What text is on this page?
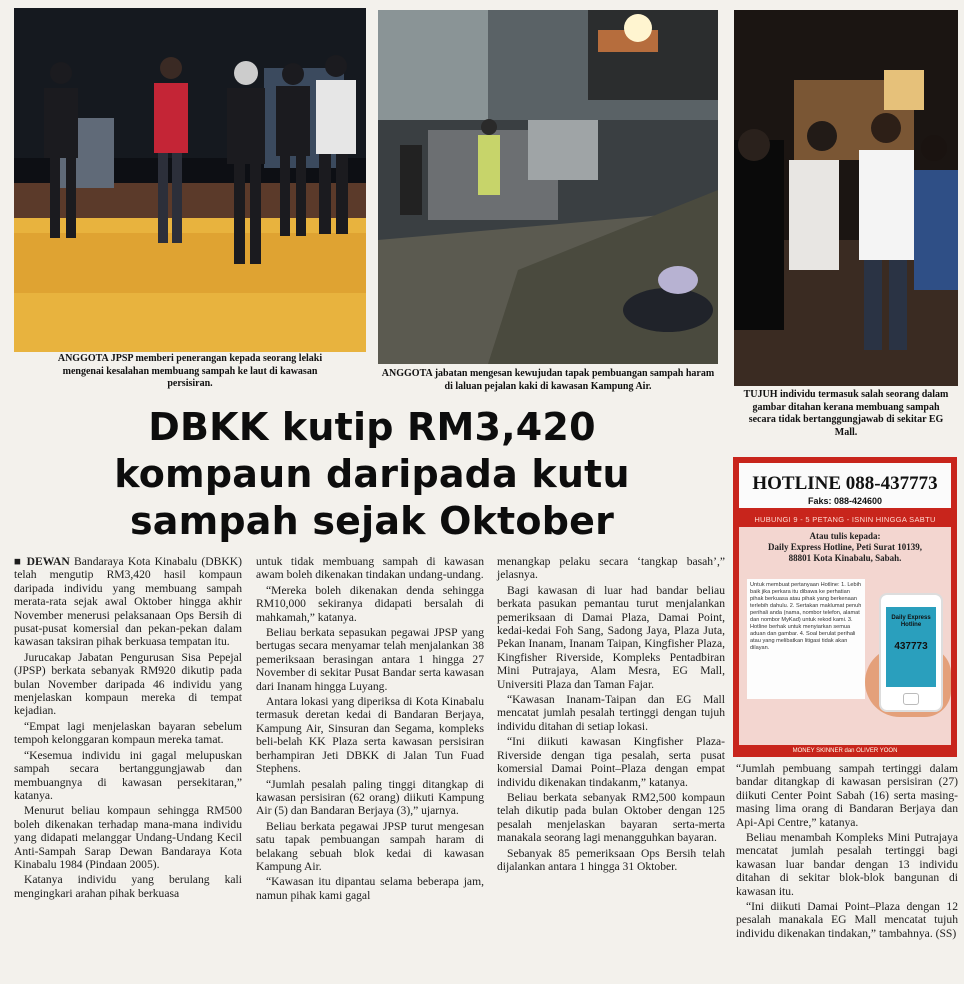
ANGGOTA JPSP memberi penerangan kepada seorang lelaki mengenai kesalahan membuang sampah ke laut di kawasan persisiran.
ANGGOTA jabatan mengesan kewujudan tapak pembuangan sampah haram di laluan pejalan kaki di kawasan Kampung Air.
TUJUH individu termasuk salah seorang dalam gambar ditahan kerana membuang sampah secara tidak bertanggungjawab di sekitar EG Mall.
DBKK kutip RM3,420
kompaun daripada kutu
sampah sejak Oktober

■ DEWAN Bandaraya Kota Kinabalu (DBKK) telah mengutip RM3,420 hasil kompaun daripada individu yang membuang sampah merata-rata sejak awal Oktober hingga akhir November menerusi pelaksanaan Ops Bersih di pusat-pusat komersial dan pekan-pekan dalam kawasan taksiran pihak berkuasa tempatan itu.

Jurucakap Jabatan Pengurusan Sisa Pepejal (JPSP) berkata sebanyak RM920 dikutip pada bulan November daripada 46 individu yang menjelaskan kompaun mereka di tempat kejadian.

“Empat lagi menjelaskan bayaran sebelum tempoh kelonggaran kompaun mereka tamat.

“Kesemua individu ini gagal melupuskan sampah secara bertanggungjawab dan membuangnya di kawasan persekitaran,” katanya.

Menurut beliau kompaun sehingga RM500 boleh dikenakan terhadap mana-mana individu yang didapati melanggar Undang-Undang Kecil Anti-Sampah Sarap Dewan Bandaraya Kota Kinabalu 1984 (Pindaan 2005).

Katanya individu yang berulang kali mengingkari arahan pihak berkuasa

untuk tidak membuang sampah di kawasan awam boleh dikenakan tindakan undang-undang.

“Mereka boleh dikenakan denda sehingga RM10,000 sekiranya didapati bersalah di mahkamah,” katanya.

Beliau berkata sepasukan pegawai JPSP yang bertugas secara menyamar telah menjalankan 38 pemeriksaan berasingan antara 1 hingga 27 November di sekitar Pusat Bandar serta kawasan dari Inanam hingga Luyang.

Antara lokasi yang diperiksa di Kota Kinabalu termasuk deretan kedai di Bandaran Berjaya, Kampung Air, Sinsuran dan Segama, kompleks beli-belah KK Plaza serta kawasan persisiran berhampiran Jeti DBKK di Jalan Tun Fuad Stephens.

“Jumlah pesalah paling tinggi ditangkap di kawasan persisiran (62 orang) diikuti Kampung Air (5) dan Bandaran Berjaya (3),” ujarnya.

Beliau berkata pegawai JPSP turut mengesan satu tapak pembuangan sampah haram di belakang sebuah blok kedai di kawasan Kampung Air.

“Kawasan itu dipantau selama beberapa jam, namun pihak kami gagal

menangkap pelaku secara ‘tangkap basah’,” jelasnya.

Bagi kawasan di luar had bandar beliau berkata pasukan pemantau turut menjalankan pemeriksaan di Damai Plaza, Damai Point, kedai-kedai Foh Sang, Sadong Jaya, Plaza Juta, Pekan Inanam, Inanam Taipan, Kingfisher Plaza, Kingfisher Riverside, Kompleks Pentadbiran Mini Putrajaya, Alam Mesra, EG Mall, Universiti Plaza dan Taman Fajar.

“Kawasan Inanam-Taipan dan EG Mall mencatat jumlah pesalah tertinggi dengan tujuh individu ditahan di setiap lokasi.

“Ini diikuti kawasan Kingfisher Plaza-Riverside dengan tiga pesalah, serta pusat komersial Damai Point–Plaza dengan empat individu dikenakan tindakanm,” katanya.

Beliau berkata sebanyak RM2,500 kompaun telah dikutip pada bulan Oktober dengan 125 pesalah menjelaskan bayaran serta-merta manakala seorang lagi menangguhkan bayaran.

Sebanyak 85 pemeriksaan Ops Bersih telah dijalankan antara 1 hingga 31 Oktober.

HOTLINE 088-437773
Faks: 088-424600
HUBUNGI 9 - 5 PETANG - ISNIN HINGGA SABTU
Atau tulis kepada:
Daily Express Hotline, Peti Surat 10139,
88801 Kota Kinabalu, Sabah.
Untuk membuat pertanyaan Hotline: 1. Lebih baik jika perkara itu dibawa ke perhatian pihak berkuasa atau pihak yang berkenaan terlebih dahulu. 2. Sertakan maklumat penuh perihali anda (nama, nombor telefon, alamat dan nombor MyKad) untuk rekod kami. 3. Hotline berhak untuk menyiarkan semua aduan dan gambar. 4. Soal berulat perihali atau yang melibatkan litigasi tidak akan dilayan.
Daily Express
Hotline
437773
MONEY SKINNER dan OLIVER YOON

“Jumlah pembuang sampah tertinggi dalam bandar ditangkap di kawasan persisiran (27) diikuti Center Point Sabah (16) serta masing-masing lima orang di Bandaran Berjaya dan Api-Api Centre,” katanya.

Beliau menambah Kompleks Mini Putrajaya mencatat jumlah pesalah tertinggi bagi kawasan luar bandar dengan 13 individu ditahan di sekitar blok-blok bangunan di kawasan itu.

“Ini diikuti Damai Point–Plaza dengan 12 pesalah manakala EG Mall mencatat tujuh individu dikenakan tindakan,” tambahnya. (SS)
